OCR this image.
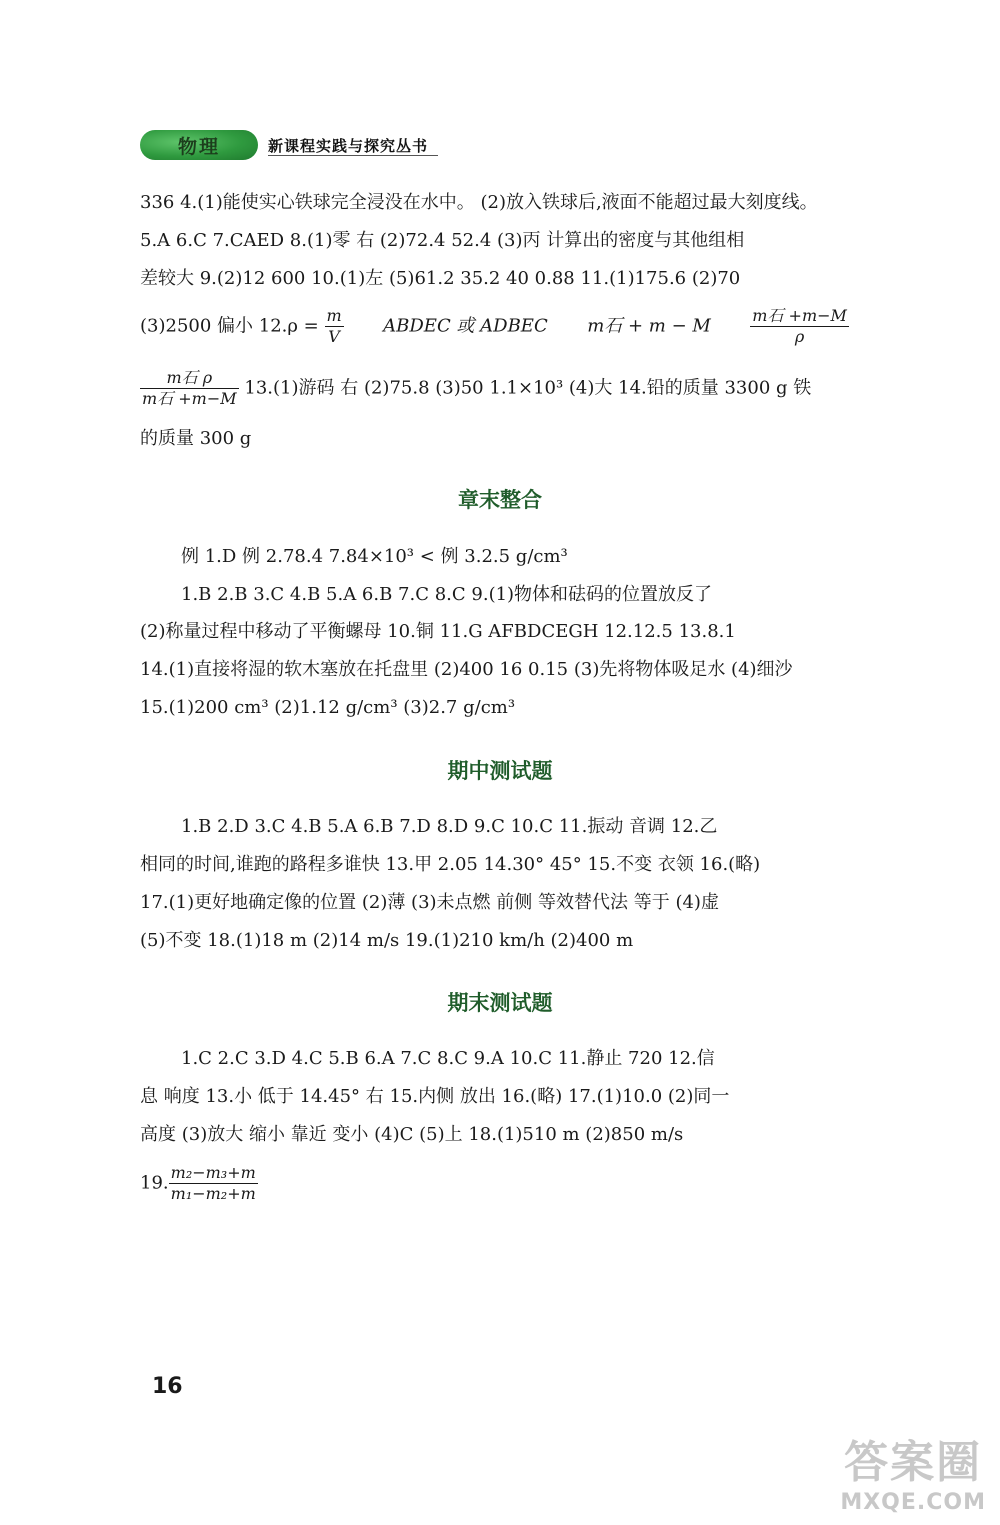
物理	新课程实践与探究丛书
336 4.(1)能使实心铁球完全浸没在水中。 (2)放入铁球后,液面不能超过最大刻度线。
5.A 6.C 7.CAED 8.(1)零 右 (2)72.4 52.4 (3)丙 计算出的密度与其他组相
差较大 9.(2)12 600 10.(1)左 (5)61.2 35.2 40 0.88 11.(1)175.6 (2)70
(3)2500 偏小 $12.\rho = \frac{m}{V}$ ABDEC 或 ADBEC m石 + m − M $\frac{\text{m石 +m−M}}{\rho}$
$\frac{\text{m石 ρ}}{\text{m石 +m−M}} 13.(1)$游码 右 (2)75.8 (3)50 1.1×10³ (4)大 14.铅的质量 3300 g 铁
的质量 300 g
章末整合
例 1.D 例 2.78.4 7.84×10³ < 例 3.2.5 g/cm³
1.B 2.B 3.C 4.B 5.A 6.B 7.C 8.C 9.(1)物体和砝码的位置放反了
(2)称量过程中移动了平衡螺母 10.铜 11.G AFBDCEGH 12.12.5 13.8.1
14.(1)直接将湿的软木塞放在托盘里 (2)400 16 0.15 (3)先将物体吸足水 (4)细沙
15.(1)200 cm³ (2)1.12 g/cm³ (3)2.7 g/cm³
期中测试题
1.B 2.D 3.C 4.B 5.A 6.B 7.D 8.D 9.C 10.C 11.振动 音调 12.乙
相同的时间,谁跑的路程多谁快 13.甲 2.05 14.30° 45° 15.不变 衣领 16.(略)
17.(1)更好地确定像的位置 (2)薄 (3)未点燃 前侧 等效替代法 等于 (4)虚
(5)不变 18.(1)18 m (2)14 m/s 19.(1)210 km/h (2)400 m
期末测试题
1.C 2.C 3.D 4.C 5.B 6.A 7.C 8.C 9.A 10.C 11.静止 720 12.信
息 响度 13.小 低于 14.45° 右 15.内侧 放出 16.(略) 17.(1)10.0 (2)同一
高度 (3)放大 缩小 靠近 变小 (4)C (5)上 18.(1)510 m (2)850 m/s
19. $\frac{\text{m₂−m₃+m}}{\text{m₁−m₂+m}}$
16
答案圈
MXQE.COM
